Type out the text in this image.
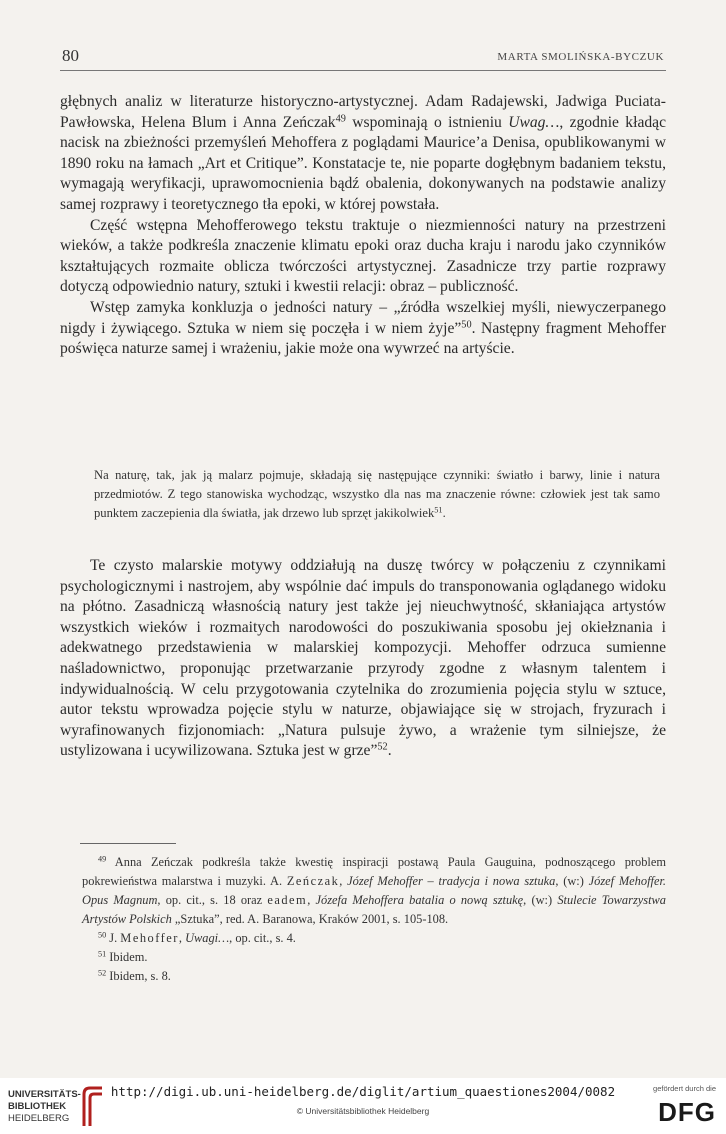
80	MARTA SMOLIŃSKA-BYCZUK

głębnych analiz w literaturze historyczno-artystycznej. Adam Radajewski, Jadwiga Puciata-Pawłowska, Helena Blum i Anna Zeńczak$^{49}$ wspominają o istnieniu Uwag…, zgodnie kładąc nacisk na zbieżności przemyśleń Mehoffera z poglądami Maurice’a Denisa, opublikowanymi w 1890 roku na łamach „Art et Critique”. Konstatacje te, nie poparte dogłębnym badaniem tekstu, wymagają weryfikacji, uprawomocnienia bądź obalenia, dokonywanych na podstawie analizy samej rozprawy i teoretycznego tła epoki, w której powstała.

Część wstępna Mehofferowego tekstu traktuje o niezmienności natury na przestrzeni wieków, a także podkreśla znaczenie klimatu epoki oraz ducha kraju i narodu jako czynników kształtujących rozmaite oblicza twórczości artystycznej. Zasadnicze trzy partie rozprawy dotyczą odpowiednio natury, sztuki i kwestii relacji: obraz – publiczność.

Wstęp zamyka konkluzja o jedności natury – „źródła wszelkiej myśli, niewyczerpanego nigdy i żywiącego. Sztuka w niem się poczęła i w niem żyje”$^{50}$. Następny fragment Mehoffer poświęca naturze samej i wrażeniu, jakie może ona wywrzeć na artyście.

Na naturę, tak, jak ją malarz pojmuje, składają się następujące czynniki: światło i barwy, linie i natura przedmiotów. Z tego stanowiska wychodząc, wszystko dla nas ma znaczenie równe: człowiek jest tak samo punktem zaczepienia dla światła, jak drzewo lub sprzęt jakikolwiek$^{51}$.

Te czysto malarskie motywy oddziałują na duszę twórcy w połączeniu z czynnikami psychologicznymi i nastrojem, aby wspólnie dać impuls do transponowania oglądanego widoku na płótno. Zasadniczą własnością natury jest także jej nieuchwytność, skłaniająca artystów wszystkich wieków i rozmaitych narodowości do poszukiwania sposobu jej okiełznania i adekwatnego przedstawienia w malarskiej kompozycji. Mehoffer odrzuca sumienne naśladownictwo, proponując przetwarzanie przyrody zgodne z własnym talentem i indywidualnością. W celu przygotowania czytelnika do zrozumienia pojęcia stylu w sztuce, autor tekstu wprowadza pojęcie stylu w naturze, objawiające się w strojach, fryzurach i wyrafinowanych fizjonomiach: „Natura pulsuje żywo, a wrażenie tym silniejsze, że ustylizowana i ucywilizowana. Sztuka jest w grze”$^{52}$.

$^{49}$ Anna Zeńczak podkreśla także kwestię inspiracji postawą Paula Gauguina, podnoszącego problem pokrewieństwa malarstwa i muzyki. A. Zeńczak, Józef Mehoffer – tradycja i nowa sztuka, (w:) Józef Mehoffer. Opus Magnum, op. cit., s. 18 oraz eadem, Józefa Mehoffera batalia o nową sztukę, (w:) Stulecie Towarzystwa Artystów Polskich „Sztuka”, red. A. Baranowa, Kraków 2001, s. 105-108.

$^{50}$ J. Mehoffer, Uwagi…, op. cit., s. 4.

$^{51}$ Ibidem.

$^{52}$ Ibidem, s. 8.

UNIVERSITÄTS-
BIBLIOTHEK
HEIDELBERG
http://digi.ub.uni-heidelberg.de/diglit/artium_quaestiones2004/0082
© Universitätsbibliothek Heidelberg
gefördert durch die
DFG
